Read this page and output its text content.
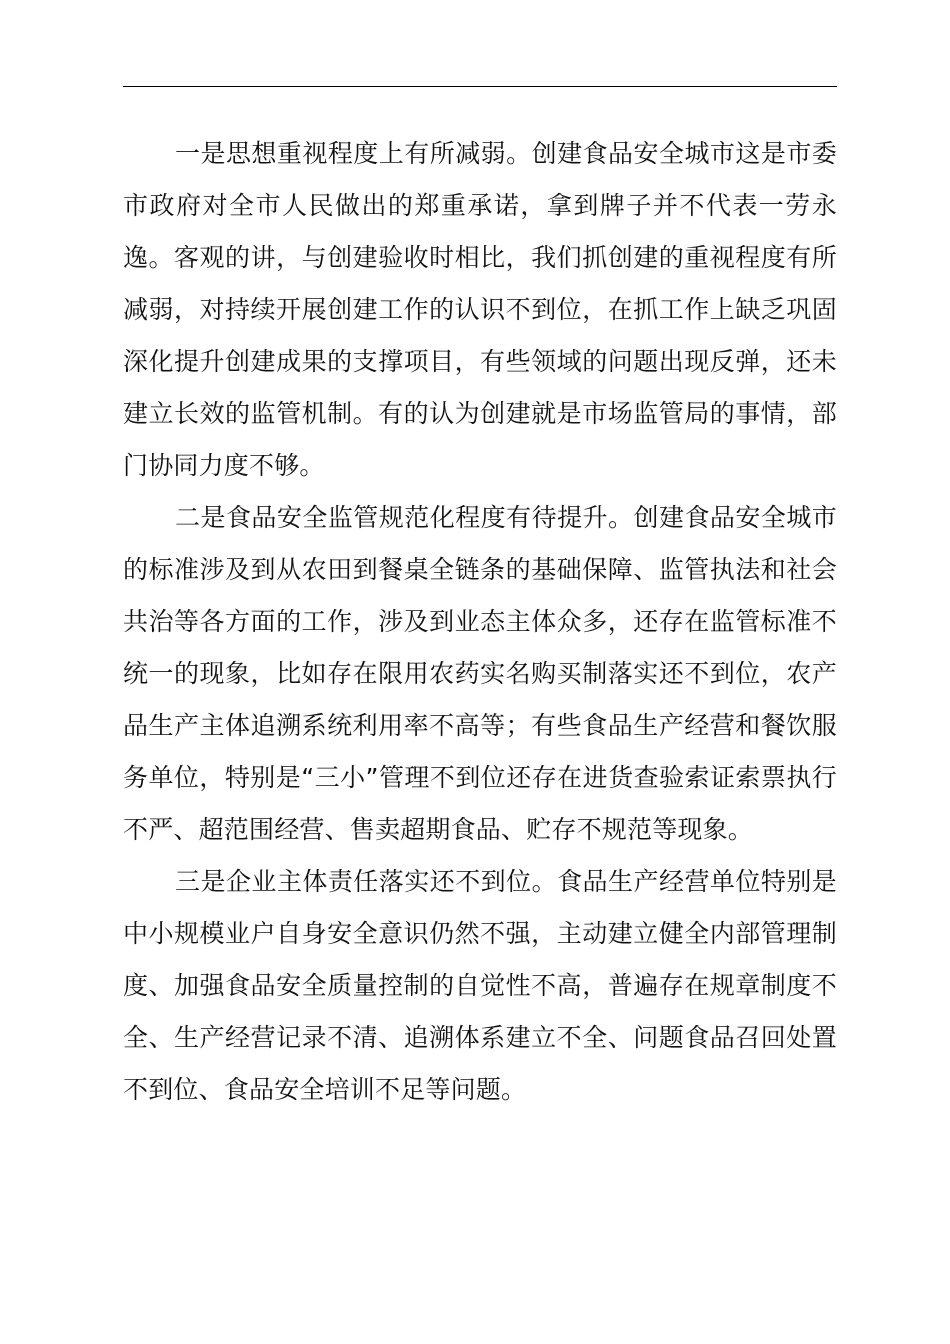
一是思想重视程度上有所减弱。创建食品安全城市这是市委市政府对全市人民做出的郑重承诺，拿到牌子并不代表一劳永逸。客观的讲，与创建验收时相比，我们抓创建的重视程度有所减弱，对持续开展创建工作的认识不到位，在抓工作上缺乏巩固深化提升创建成果的支撑项目，有些领域的问题出现反弹，还未建立长效的监管机制。有的认为创建就是市场监管局的事情，部门协同力度不够。

二是食品安全监管规范化程度有待提升。创建食品安全城市的标准涉及到从农田到餐桌全链条的基础保障、监管执法和社会共治等各方面的工作，涉及到业态主体众多，还存在监管标准不统一的现象，比如存在限用农药实名购买制落实还不到位，农产品生产主体追溯系统利用率不高等；有些食品生产经营和餐饮服务单位，特别是“三小”管理不到位还存在进货查验索证索票执行不严、超范围经营、售卖超期食品、贮存不规范等现象。

三是企业主体责任落实还不到位。食品生产经营单位特别是中小规模业户自身安全意识仍然不强，主动建立健全内部管理制度、加强食品安全质量控制的自觉性不高，普遍存在规章制度不全、生产经营记录不清、追溯体系建立不全、问题食品召回处置不到位、食品安全培训不足等问题。
